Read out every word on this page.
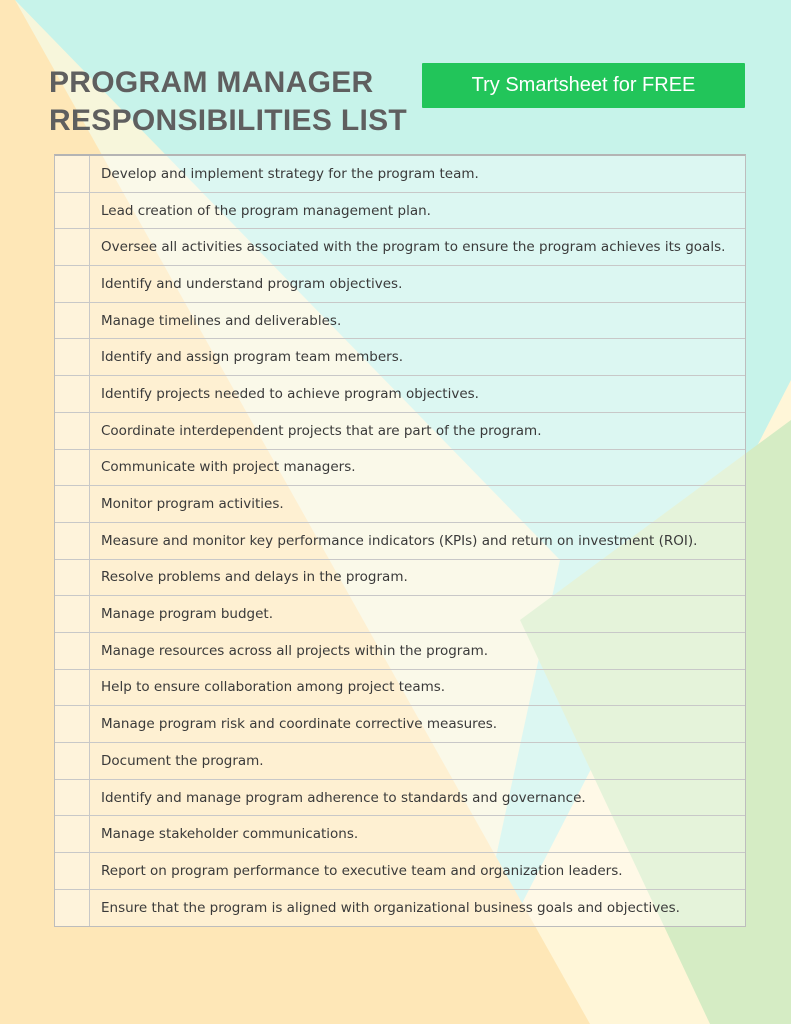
PROGRAM MANAGER
RESPONSIBILITIES LIST
Try Smartsheet for FREE
Develop and implement strategy for the program team.
Lead creation of the program management plan.
Oversee all activities associated with the program to ensure the program achieves its goals.
Identify and understand program objectives.
Manage timelines and deliverables.
Identify and assign program team members.
Identify projects needed to achieve program objectives.
Coordinate interdependent projects that are part of the program.
Communicate with project managers.
Monitor program activities.
Measure and monitor key performance indicators (KPIs) and return on investment (ROI).
Resolve problems and delays in the program.
Manage program budget.
Manage resources across all projects within the program.
Help to ensure collaboration among project teams.
Manage program risk and coordinate corrective measures.
Document the program.
Identify and manage program adherence to standards and governance.
Manage stakeholder communications.
Report on program performance to executive team and organization leaders.
Ensure that the program is aligned with organizational business goals and objectives.
